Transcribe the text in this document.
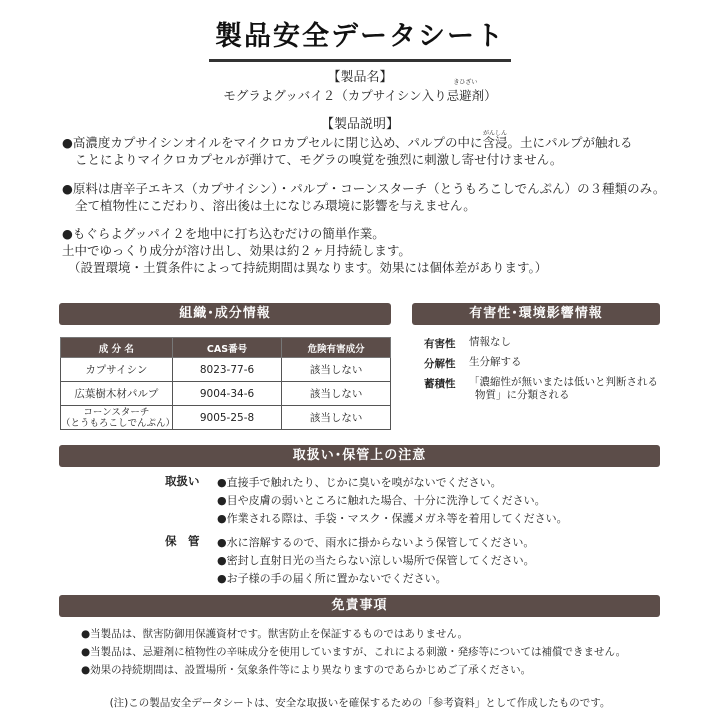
製品安全データシート
【製品名】
モグラよグッバイ２（カプサイシン入り
きひざい
忌避剤）
【製品説明】

●高濃度カプサイシンオイルをマイクロカプセルに閉じ込め、パルプの中に
がんしん
含浸。土にパルプが触れる

ことによりマイクロカプセルが弾けて、モグラの嗅覚を強烈に刺激し寄せ付けません。

●原料は唐辛子エキス（カプサイシン）・パルプ・コーンスターチ（とうもろこしでんぷん）の３種類のみ。

全て植物性にこだわり、溶出後は土になじみ環境に影響を与えません。

●もぐらよグッパイ２を地中に打ち込むだけの簡単作業。

土中でゆっくり成分が溶け出し、効果は約２ヶ月持続します。

（設置環境・土質条件によって持続期間は異なります。効果には個体差があります。）

組織･成分情報
成 分 名	CAS番号	危険有害成分
カプサイシン	8023-77-6	該当しない
広葉樹木材パルプ	9004-34-6	該当しない

コーンスターチ
（とうもろこしでんぷん）	9005-25-8	該当しない
有害性･環境影響情報
有害性 情報なし
分解性 生分解する
蓄積性 「濃縮性が無いまたは低いと判断される
物質」に分類される
取扱い･保管上の注意
取扱い ●直接手で触れたり、じかに臭いを嗅がないでください。
●目や皮膚の弱いところに触れた場合、十分に洗浄してください。
●作業される際は、手袋・マスク・保護メガネ等を着用してください。
保　管 ●水に溶解するので、雨水に掛からないよう保管してください。
●密封し直射日光の当たらない涼しい場所で保管してください。
●お子様の手の届く所に置かないでください。
免責事項
●当製品は、獣害防御用保護資材です。獣害防止を保証するものではありません。
●当製品は、忌避剤に植物性の辛味成分を使用していますが、これによる刺激・発疹等については補償できません。
●効果の持続期間は、設置場所・気象条件等により異なりますのであらかじめご了承ください。
(注)この製品安全データシートは、安全な取扱いを確保するための「参考資料」として作成したものです。
